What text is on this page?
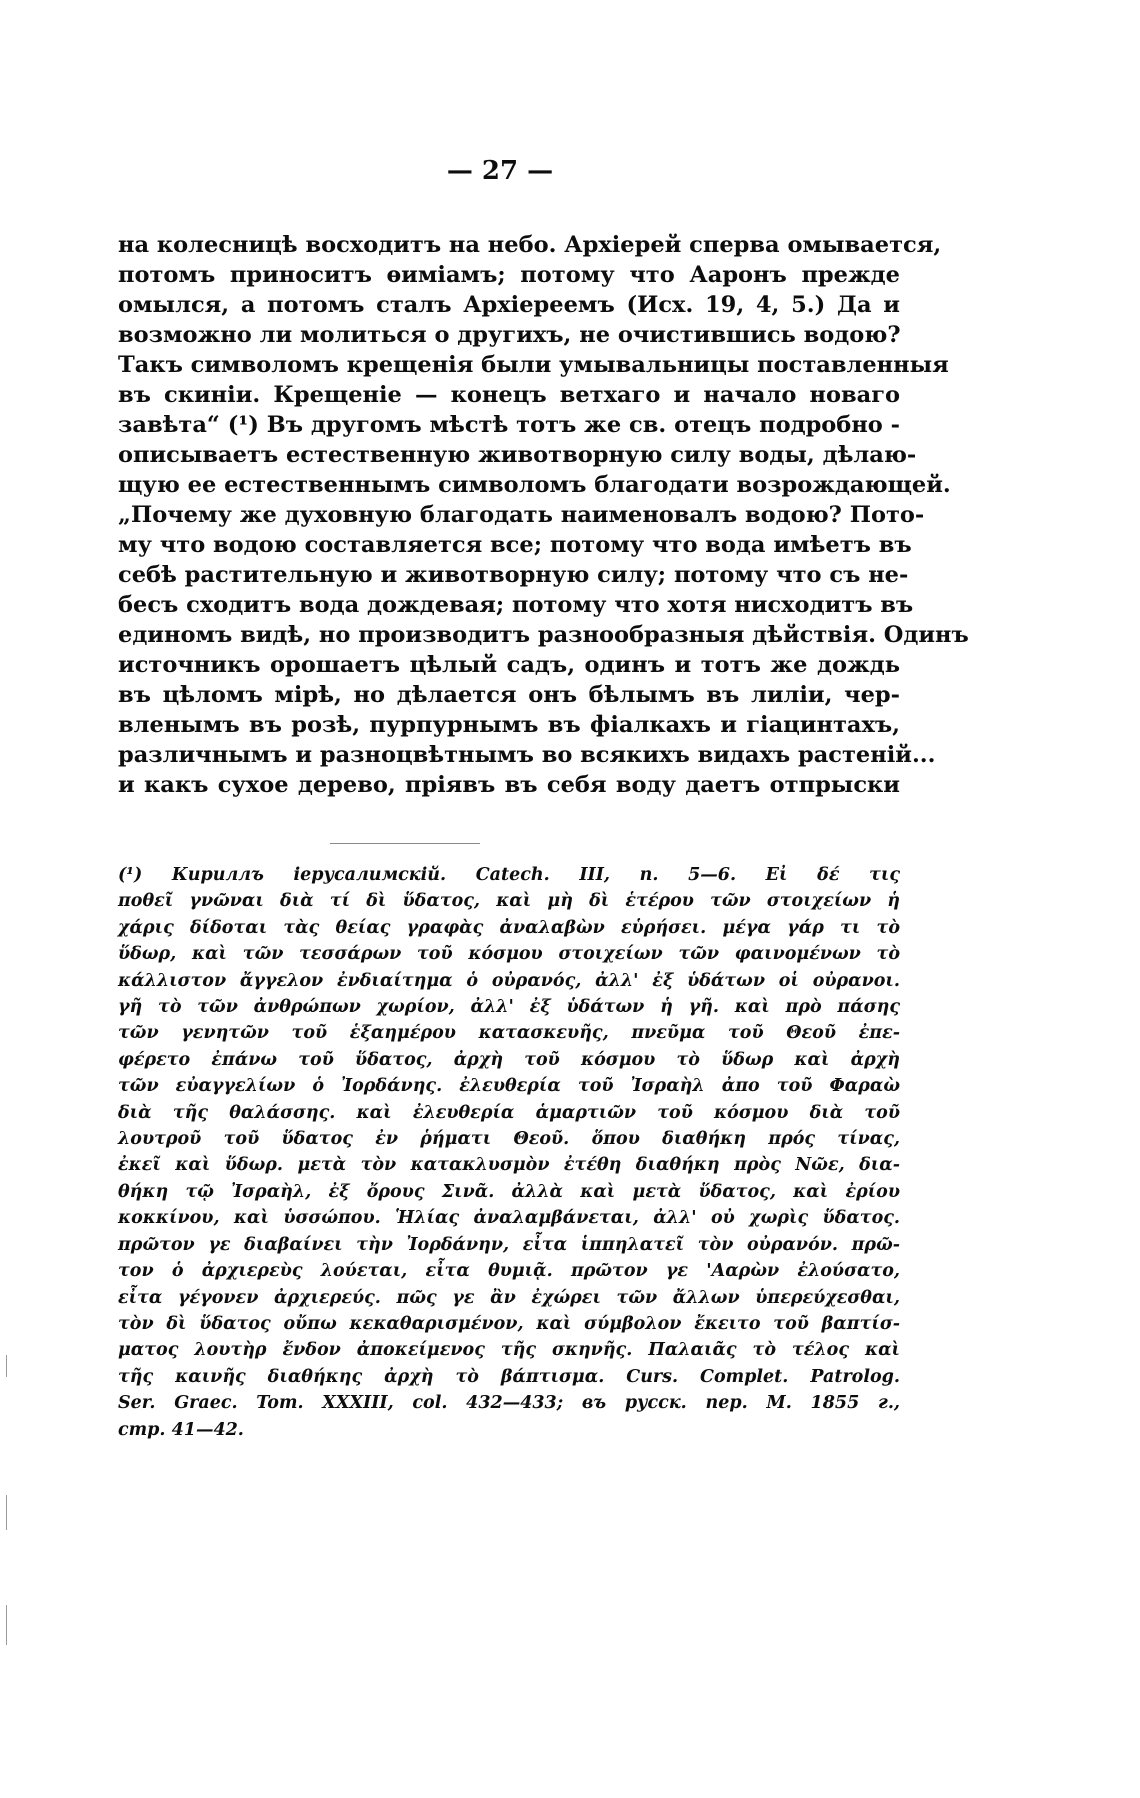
— 27 —
на колесницѣ восходитъ на небо. Архіерей сперва омывается,
потомъ приноситъ ѳиміамъ; потому что Ааронъ прежде
омылся, а потомъ сталъ Архіереемъ (Исх. 19, 4, 5.) Да и
возможно ли молиться о другихъ, не очистившись водою?
Такъ символомъ крещенія были умывальницы поставленныя
въ скиніи. Крещеніе — конецъ ветхаго и начало новаго
завѣта“ (¹) Въ другомъ мѣстѣ тотъ же св. отецъ подробно -
описываетъ естественную животворную силу воды, дѣлаю-
щую ее естественнымъ символомъ благодати возрождающей.
„Почему же духовную благодать наименовалъ водою? Пото-
му что водою составляется все; потому что вода имѣетъ въ
себѣ растительную и животворную силу; потому что съ не-
бесъ сходитъ вода дождевая; потому что хотя нисходитъ въ
единомъ видѣ, но производитъ разнообразныя дѣйствія. Одинъ
источникъ орошаетъ цѣлый садъ, одинъ и тотъ же дождь
въ цѣломъ мірѣ, но дѣлается онъ бѣлымъ въ лиліи, чер-
вленымъ въ розѣ, пурпурнымъ въ фіалкахъ и гіацинтахъ,
различнымъ и разноцвѣтнымъ во всякихъ видахъ растеній...
и какъ сухое дерево, пріявъ въ себя воду даетъ отпрыски
(¹) Кириллъ іерусалимскій. Catech. III, n. 5—6. Εἰ δέ τις
ποθεῖ γνῶναι διὰ τί δὶ ὕδατος, καὶ μὴ δὶ ἑτέρου τῶν στοιχείων ἡ
χάρις δίδοται τὰς θείας γραφὰς ἀναλαβὼν εὑρήσει. μέγα γάρ τι τὸ
ὕδωρ, καὶ τῶν τεσσάρων τοῦ κόσμου στοιχείων τῶν φαινομένων τὸ
κάλλιστον ἄγγελον ἐνδιαίτημα ὁ οὐρανός, ἀλλ' ἐξ ὑδάτων οἱ οὐρανοι.
γῆ τὸ τῶν ἀνθρώπων χωρίον, ἀλλ' ἐξ ὑδάτων ἡ γῆ. καὶ πρὸ πάσης
τῶν γενητῶν τοῦ ἑξαημέρου κατασκευῆς, πνεῦμα τοῦ Θεοῦ ἐπε-
φέρετο ἐπάνω τοῦ ὕδατος, ἀρχὴ τοῦ κόσμου τὸ ὕδωρ καὶ ἀρχὴ
τῶν εὐαγγελίων ὁ Ἰορδάνης. ἐλευθερία τοῦ Ἰσραὴλ ἀπο τοῦ Φαραὼ
διὰ τῆς θαλάσσης. καὶ ἐλευθερία ἁμαρτιῶν τοῦ κόσμου διὰ τοῦ
λουτροῦ τοῦ ὕδατος ἐν ῥήματι Θεοῦ. ὅπου διαθήκη πρός τίνας,
ἐκεῖ καὶ ὕδωρ. μετὰ τὸν κατακλυσμὸν ἐτέθη διαθήκη πρὸς Νῶε, δια-
θήκη τῷ Ἰσραὴλ, ἐξ ὄρους Σινᾶ. ἀλλὰ καὶ μετὰ ὕδατος, καὶ ἐρίου
κοκκίνου, καὶ ὑσσώπου. Ἡλίας ἀναλαμβάνεται, ἀλλ' οὐ χωρὶς ὕδατος.
πρῶτον γε διαβαίνει τὴν Ἰορδάνην, εἶτα ἱππηλατεῖ τὸν οὐρανόν. πρῶ-
τον ὁ ἀρχιερεὺς λούεται, εἶτα θυμιᾷ. πρῶτον γε 'Ααρὼν ἐλούσατο,
εἶτα γέγονεν ἀρχιερεύς. πῶς γε ἂν ἐχώρει τῶν ἄλλων ὑπερεύχεσθαι,
τὸν δὶ ὕδατος οὔπω κεκαθαρισμένον, καὶ σύμβολον ἔκειτο τοῦ βαπτίσ-
ματος λουτὴρ ἔνδον ἀποκείμενος τῆς σκηνῆς. Παλαιᾶς τὸ τέλος καὶ
τῆς καινῆς διαθήκης ἀρχὴ τὸ βάπτισμα. Curs. Complet. Patrolog.
Ser. Graec. Tom. XXXIII, col. 432—433; въ русск. пер. М. 1855 г.,
стр. 41—42.
